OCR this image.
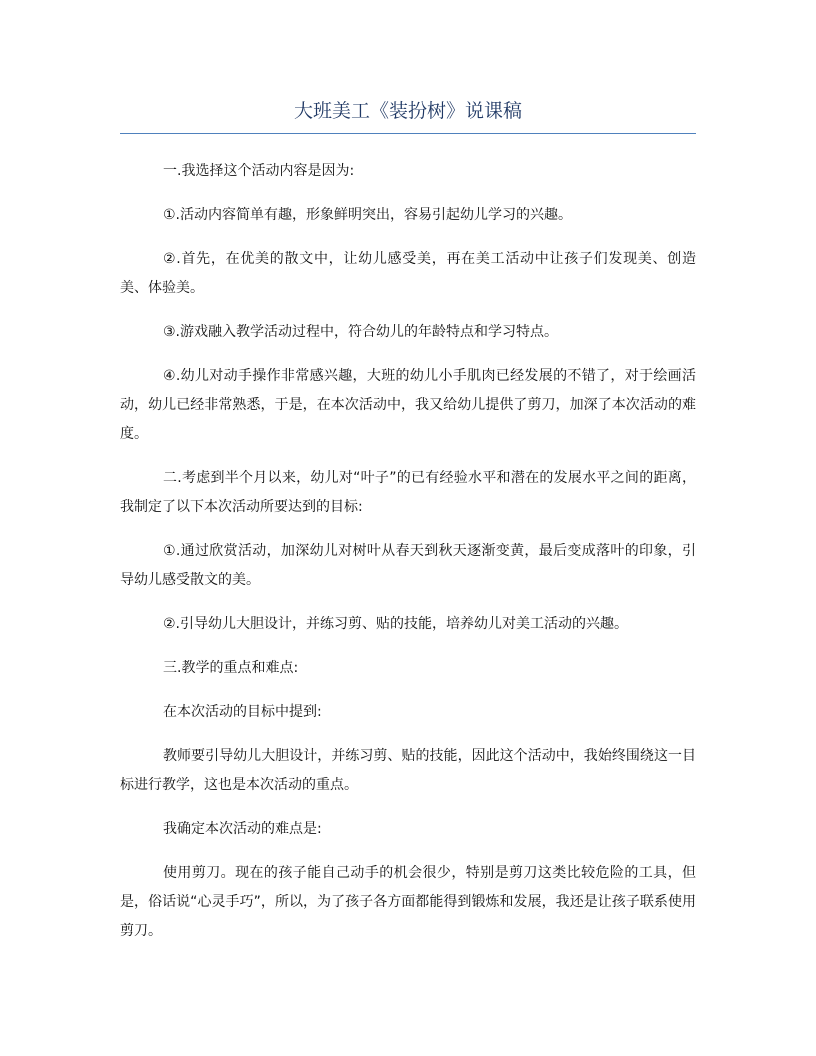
大班美工《装扮树》说课稿

一.我选择这个活动内容是因为:

①.活动内容简单有趣，形象鲜明突出，容易引起幼儿学习的兴趣。

②.首先，在优美的散文中，让幼儿感受美，再在美工活动中让孩子们发现美、创造美、体验美。

③.游戏融入教学活动过程中，符合幼儿的年龄特点和学习特点。

④.幼儿对动手操作非常感兴趣，大班的幼儿小手肌肉已经发展的不错了，对于绘画活动，幼儿已经非常熟悉，于是，在本次活动中，我又给幼儿提供了剪刀，加深了本次活动的难度。

二.考虑到半个月以来，幼儿对“叶子”的已有经验水平和潜在的发展水平之间的距离，我制定了以下本次活动所要达到的目标:

①.通过欣赏活动，加深幼儿对树叶从春天到秋天逐渐变黄，最后变成落叶的印象，引导幼儿感受散文的美。

②.引导幼儿大胆设计，并练习剪、贴的技能，培养幼儿对美工活动的兴趣。

三.教学的重点和难点:

在本次活动的目标中提到:

教师要引导幼儿大胆设计，并练习剪、贴的技能，因此这个活动中，我始终围绕这一目标进行教学，这也是本次活动的重点。

我确定本次活动的难点是:

使用剪刀。现在的孩子能自己动手的机会很少，特别是剪刀这类比较危险的工具，但是，俗话说“心灵手巧”，所以，为了孩子各方面都能得到锻炼和发展，我还是让孩子联系使用剪刀。
